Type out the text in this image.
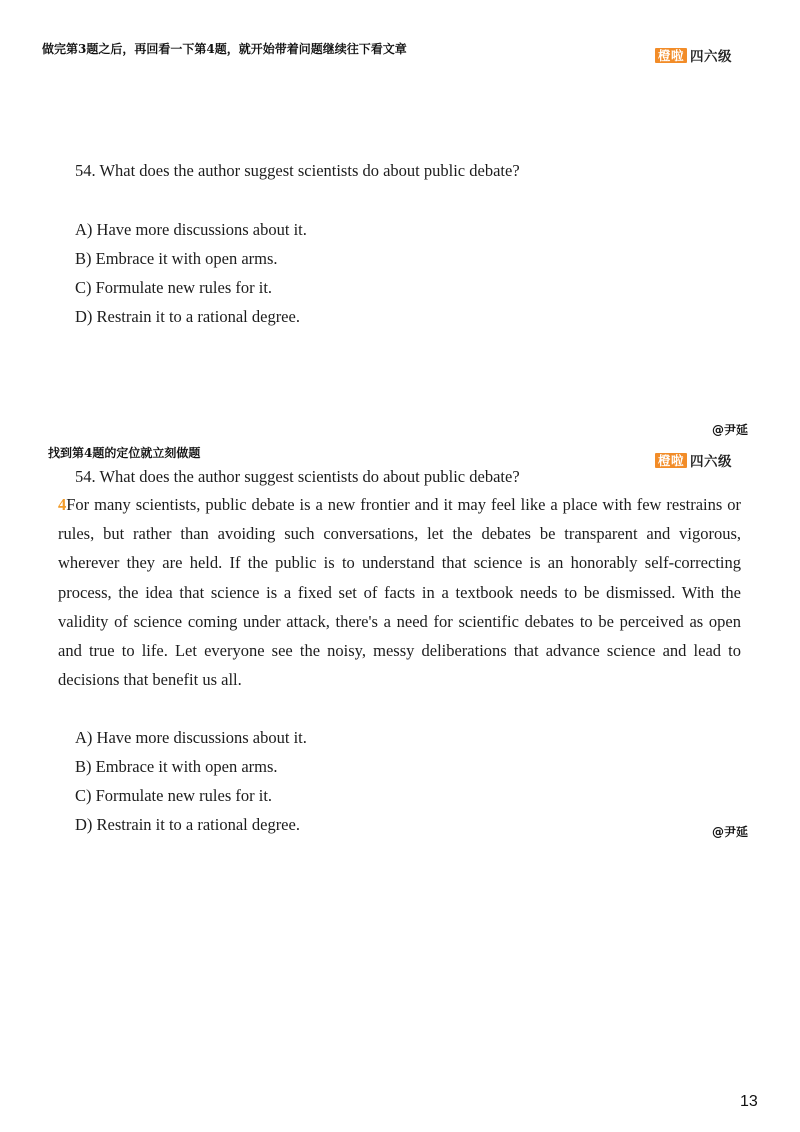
做完第3题之后，再回看一下第4题，就开始带着问题继续往下看文章	橙啦 四六级
54. What does the author suggest scientists do about public debate?
A) Have more discussions about it.
B) Embrace it with open arms.
C) Formulate new rules for it.
D) Restrain it to a rational degree.
@尹延
找到第4题的定位就立刻做题	橙啦 四六级
54. What does the author suggest scientists do about public debate?
4For many scientists, public debate is a new frontier and it may feel like a place with few restrains or rules, but rather than avoiding such conversations, let the debates be transparent and vigorous, wherever they are held. If the public is to understand that science is an honorably self-correcting process, the idea that science is a fixed set of facts in a textbook needs to be dismissed. With the validity of science coming under attack, there's a need for scientific debates to be perceived as open and true to life. Let everyone see the noisy, messy deliberations that advance science and lead to decisions that benefit us all.
A) Have more discussions about it.
B) Embrace it with open arms.
C) Formulate new rules for it.
D) Restrain it to a rational degree.	@尹延
13
